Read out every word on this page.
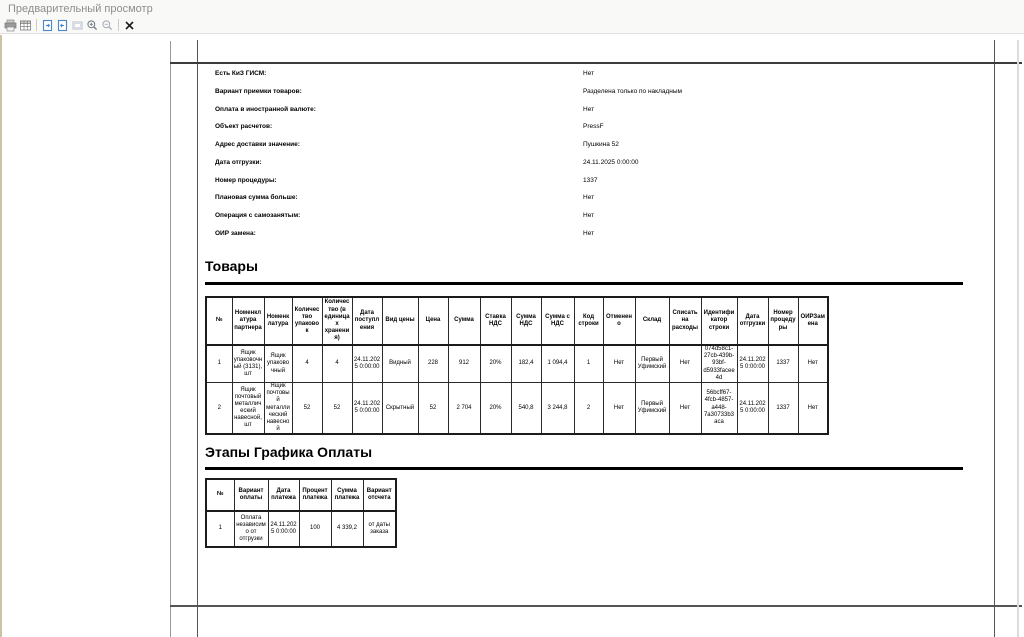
Предварительный просмотр
Есть КиЗ ГИСМ:	Нет
Вариант приемки товаров:	Разделена только по накладным
Оплата в иностранной валюте:	Нет
Объект расчетов:	PressF
Адрес доставки значение:	Пушкина 52
Дата отгрузки:	24.11.2025 0:00:00
Номер процедуры:	1337
Плановая сумма больше:	Нет
Операция с самозанятым:	Нет
ОИР замена:	Нет
Товары
№	Номенклатура партнера	Номенклатура	Количество упаковок	Количество (в единицах хранения)	Дата поступления	Вид цены	Цена	Сумма	Ставка НДС	Сумма НДС	Сумма с НДС	Код строки	Отменено	Склад	Списать на расходы	Идентификатор строки	Дата отгрузки	Номер процедуры	ОИРЗамена
1	Ящик упаковочный (3131), шт	Ящик упаковочный	4	4	24.11.2025 0:00:00	Видный	228	912	20%	182,4	1 094,4	1	Нет	Первый Уфимский	Нет	074d58c1-27cb-439b-93bf-d5933facee4d	24.11.2025 0:00:00	1337	Нет
2	Ящик почтовый металлический навесной, шт	Ящик почтовый металлический навесной	52	52	24.11.2025 0:00:00	Скрытный	52	2 704	20%	540,8	3 244,8	2	Нет	Первый Уфимский	Нет	56bcff67-4fcb-4857-a448-7a30733b3aca	24.11.2025 0:00:00	1337	Нет
Этапы Графика Оплаты
№	Вариант оплаты	Дата платежа	Процент платежа	Сумма платежа	Вариант отсчета
1	Оплата независимо от отгрузки	24.11.2025 0:00:00	100	4 339,2	от даты заказа
